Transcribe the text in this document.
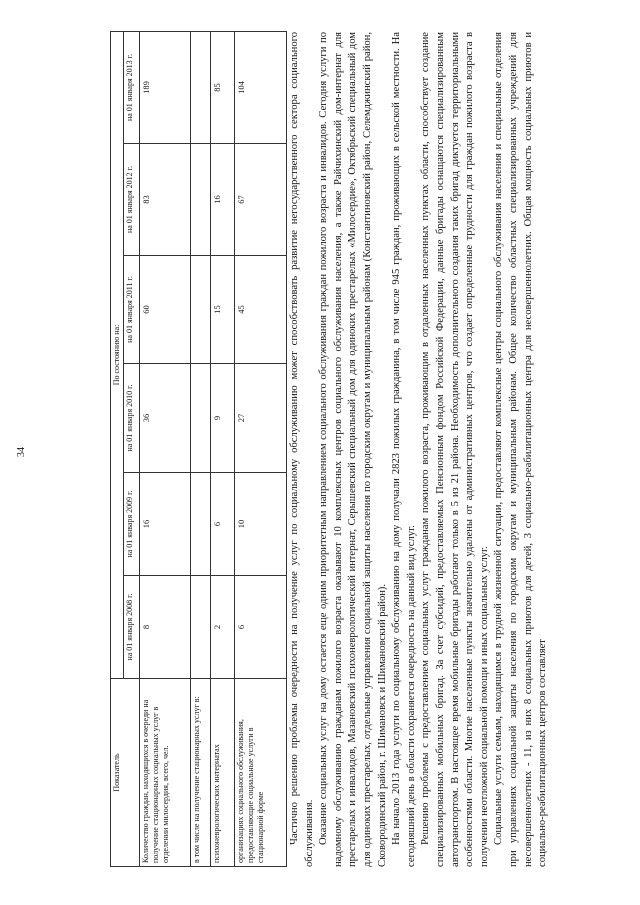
34
Показатель	По состоянию на:					
	на 01 января 2008 г.	на 01 января 2009 г.	на 01 января 2010 г.	на 01 января 2011 г.	на 01 января 2012 г.	на 01 января 2013 г.
Количество граждан, находящихся в очереди на получение стационарных социальных услуг в отделении милосердия, всего, чел.	8	16	36	60	83	189
в том числе на получение стационарных услуг в:						
психоневрологических интернатах	2	6	9	15	16	85
организациях социального обслуживания, предоставляющие социальные услуги в стационарной форме	6	10	27	45	67	104	Частично решению проблемы очередности на получение услуг по социальному обслуживанию может способствовать развитие негосударственного сектора социального обслуживания. Оказание социальных услуг на дому остается еще одним приоритетным направлением социального обслуживания граждан пожилого возраста и инвалидов. Сегодня услуги по надомному обслуживанию гражданам пожилого возраста оказывают 10 комплексных центров социального обслуживания населения, а также Райчихинский дом-интернат для престарелых и инвалидов, Мазановский психоневрологический интернат, Серышевский специальный дом для одиноких престарелых «Милосердие», Октябрьский специальный дом для одиноких престарелых, отдельные управления социальной защиты населения по городским округам и муниципальным районам (Константиновский район, Селемджинский район, Сковородинский район, г. Шимановск и Шимановский район). На начало 2013 года услуги по социальному обслуживанию на дому получали 2823 пожилых гражданина, в том числе 945 граждан, проживающих в сельской местности. На сегодняшний день в области сохраняется очередность на данный вид услуг. Решению проблемы с предоставлением социальных услуг гражданам пожилого возраста, проживающим в отдаленных населенных пунктах области, способствует создание специализированных мобильных бригад. За счет субсидий, предоставляемых Пенсионным фондом Российской Федерации, данные бригады оснащаются специализированным автотранспортом. В настоящее время мобильные бригады работают только в 5 из 21 района. Необходимость дополнительного создания таких бригад диктуется территориальными особенностями области. Многие населенные пункты значительно удалены от административных центров, что создает определенные трудности для граждан пожилого возраста в получении неотложной социальной помощи и иных социальных услуг. Социальные услуги семьям, находящимся в трудной жизненной ситуации, предоставляют комплексные центры социального обслуживания населения и специальные отделения при управлениях социальной защиты населения по городским округам и муниципальным районам. Общее количество областных специализированных учреждений для несовершеннолетних - 11, из них 8 социальных приютов для детей, 3 социально-реабилитационных центра для несовершеннолетних. Общая мощность социальных приютов и социально-реабилитационных центров составляет
